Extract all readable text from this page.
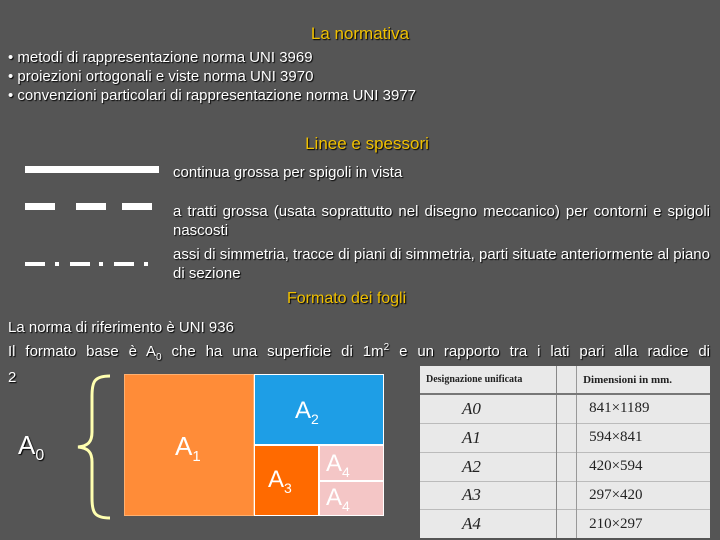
La normativa
• metodi di rappresentazione norma UNI 3969
• proiezioni ortogonali e viste norma UNI 3970
• convenzioni particolari di rappresentazione norma UNI 3977
Linee e spessori
continua grossa per spigoli in vista
a tratti grossa (usata soprattutto nel disegno meccanico) per contorni e spigoli nascosti
assi di simmetria, tracce di piani di simmetria, parti situate anteriormente al piano di sezione
Formato dei fogli
La norma di riferimento è UNI 936
Il formato base è $A_0$ che ha una superficie di $1m^2$ e un rapporto tra i lati pari alla radice di
2
$A_0$	$A_1$
$A_2$
$A_3$
$A_4$
$A_4$
Designazione unificata		Dimensioni in mm.
A0		841×1189
A1		594×841
A2		420×594
A3		297×420
A4		210×297
